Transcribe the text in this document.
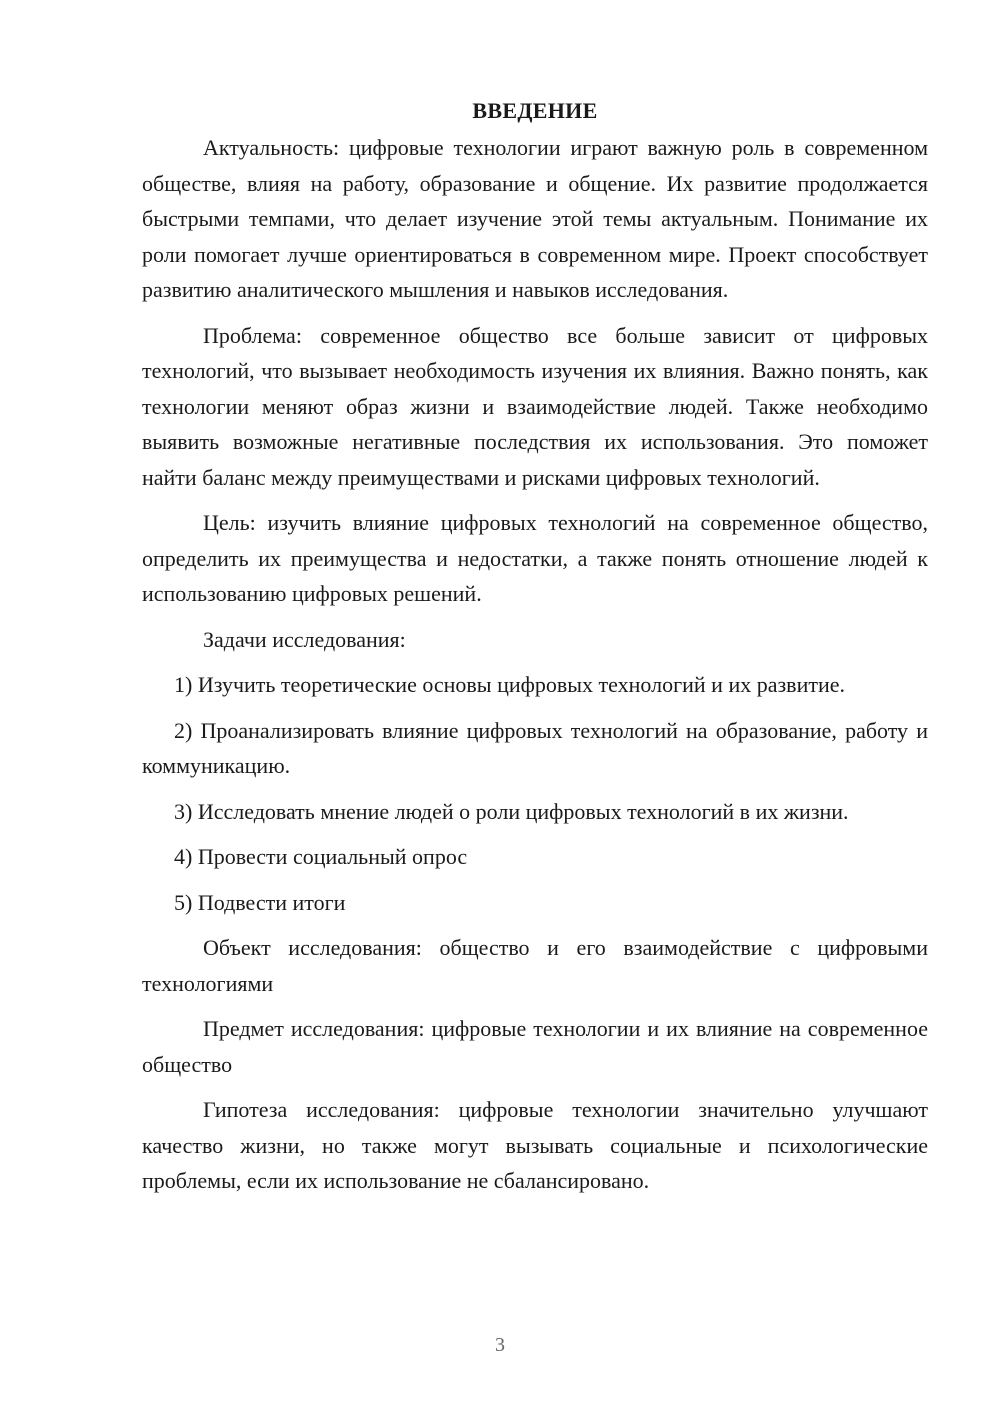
ВВЕДЕНИЕ

Актуальность: цифровые технологии играют важную роль в современном обществе, влияя на работу, образование и общение. Их развитие продолжается быстрыми темпами, что делает изучение этой темы актуальным. Понимание их роли помогает лучше ориентироваться в современном мире. Проект способствует развитию аналитического мышления и навыков исследования.

Проблема: современное общество все больше зависит от цифровых технологий, что вызывает необходимость изучения их влияния. Важно понять, как технологии меняют образ жизни и взаимодействие людей. Также необходимо выявить возможные негативные последствия их использования. Это поможет найти баланс между преимуществами и рисками цифровых технологий.

Цель: изучить влияние цифровых технологий на современное общество, определить их преимущества и недостатки, а также понять отношение людей к использованию цифровых решений.

Задачи исследования:

1) Изучить теоретические основы цифровых технологий и их развитие.

2) Проанализировать влияние цифровых технологий на образование, работу и коммуникацию.

3) Исследовать мнение людей о роли цифровых технологий в их жизни.

4) Провести социальный опрос

5) Подвести итоги

Объект исследования: общество и его взаимодействие с цифровыми технологиями

Предмет исследования: цифровые технологии и их влияние на современное общество

Гипотеза исследования: цифровые технологии значительно улучшают качество жизни, но также могут вызывать социальные и психологические проблемы, если их использование не сбалансировано.

3
